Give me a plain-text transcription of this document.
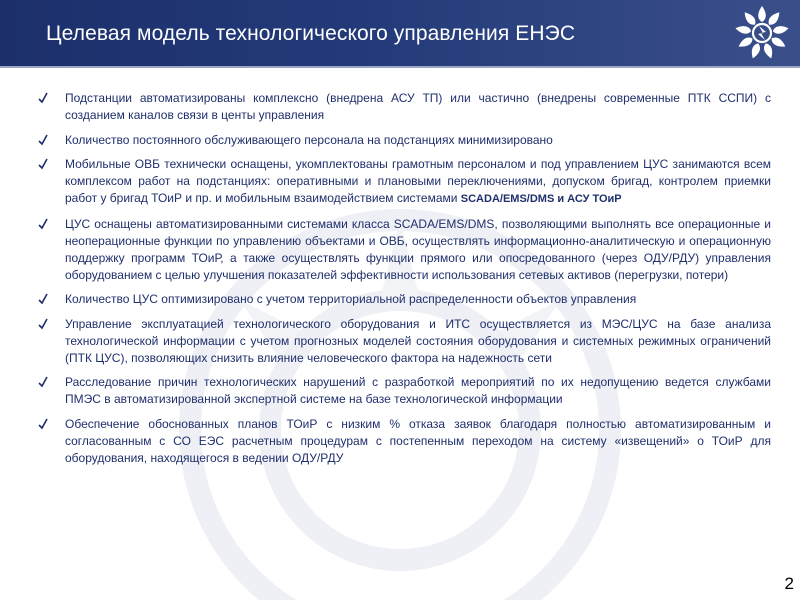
Целевая модель технологического управления ЕНЭС
Подстанции автоматизированы комплексно (внедрена АСУ ТП) или частично (внедрены современные ПТК ССПИ) с созданием каналов связи в центы управления
Количество постоянного обслуживающего персонала на подстанциях минимизировано
Мобильные ОВБ технически оснащены, укомплектованы грамотным персоналом и под управлением ЦУС занимаются всем комплексом работ на подстанциях: оперативными и плановыми переключениями, допуском бригад, контролем приемки работ у бригад ТОиР и пр. и мобильным взаимодействием системами SCADA/EMS/DMS и АСУ ТОиР
ЦУС оснащены автоматизированными системами класса SCADA/EMS/DMS, позволяющими выполнять все операционные и неоперационные функции по управлению объектами и ОВБ, осуществлять информационно-аналитическую и операционную поддержку программ ТОиР, а также осуществлять функции прямого или опосредованного (через ОДУ/РДУ) управления оборудованием с целью улучшения показателей эффективности использования сетевых активов (перегрузки, потери)
Количество ЦУС оптимизировано с учетом территориальной распределенности объектов управления
Управление эксплуатацией технологического оборудования и ИТС осуществляется из МЭС/ЦУС на базе анализа технологической информации с учетом прогнозных моделей состояния оборудования и системных режимных ограничений (ПТК ЦУС), позволяющих снизить влияние человеческого фактора на надежность сети
Расследование причин технологических нарушений с разработкой мероприятий по их недопущению ведется службами ПМЭС в автоматизированной экспертной системе на базе технологической информации
Обеспечение обоснованных планов ТОиР с низким % отказа заявок благодаря полностью автоматизированным и согласованным с СО ЕЭС расчетным процедурам с постепенным переходом на систему «извещений» о ТОиР для оборудования, находящегося в ведении ОДУ/РДУ
2
